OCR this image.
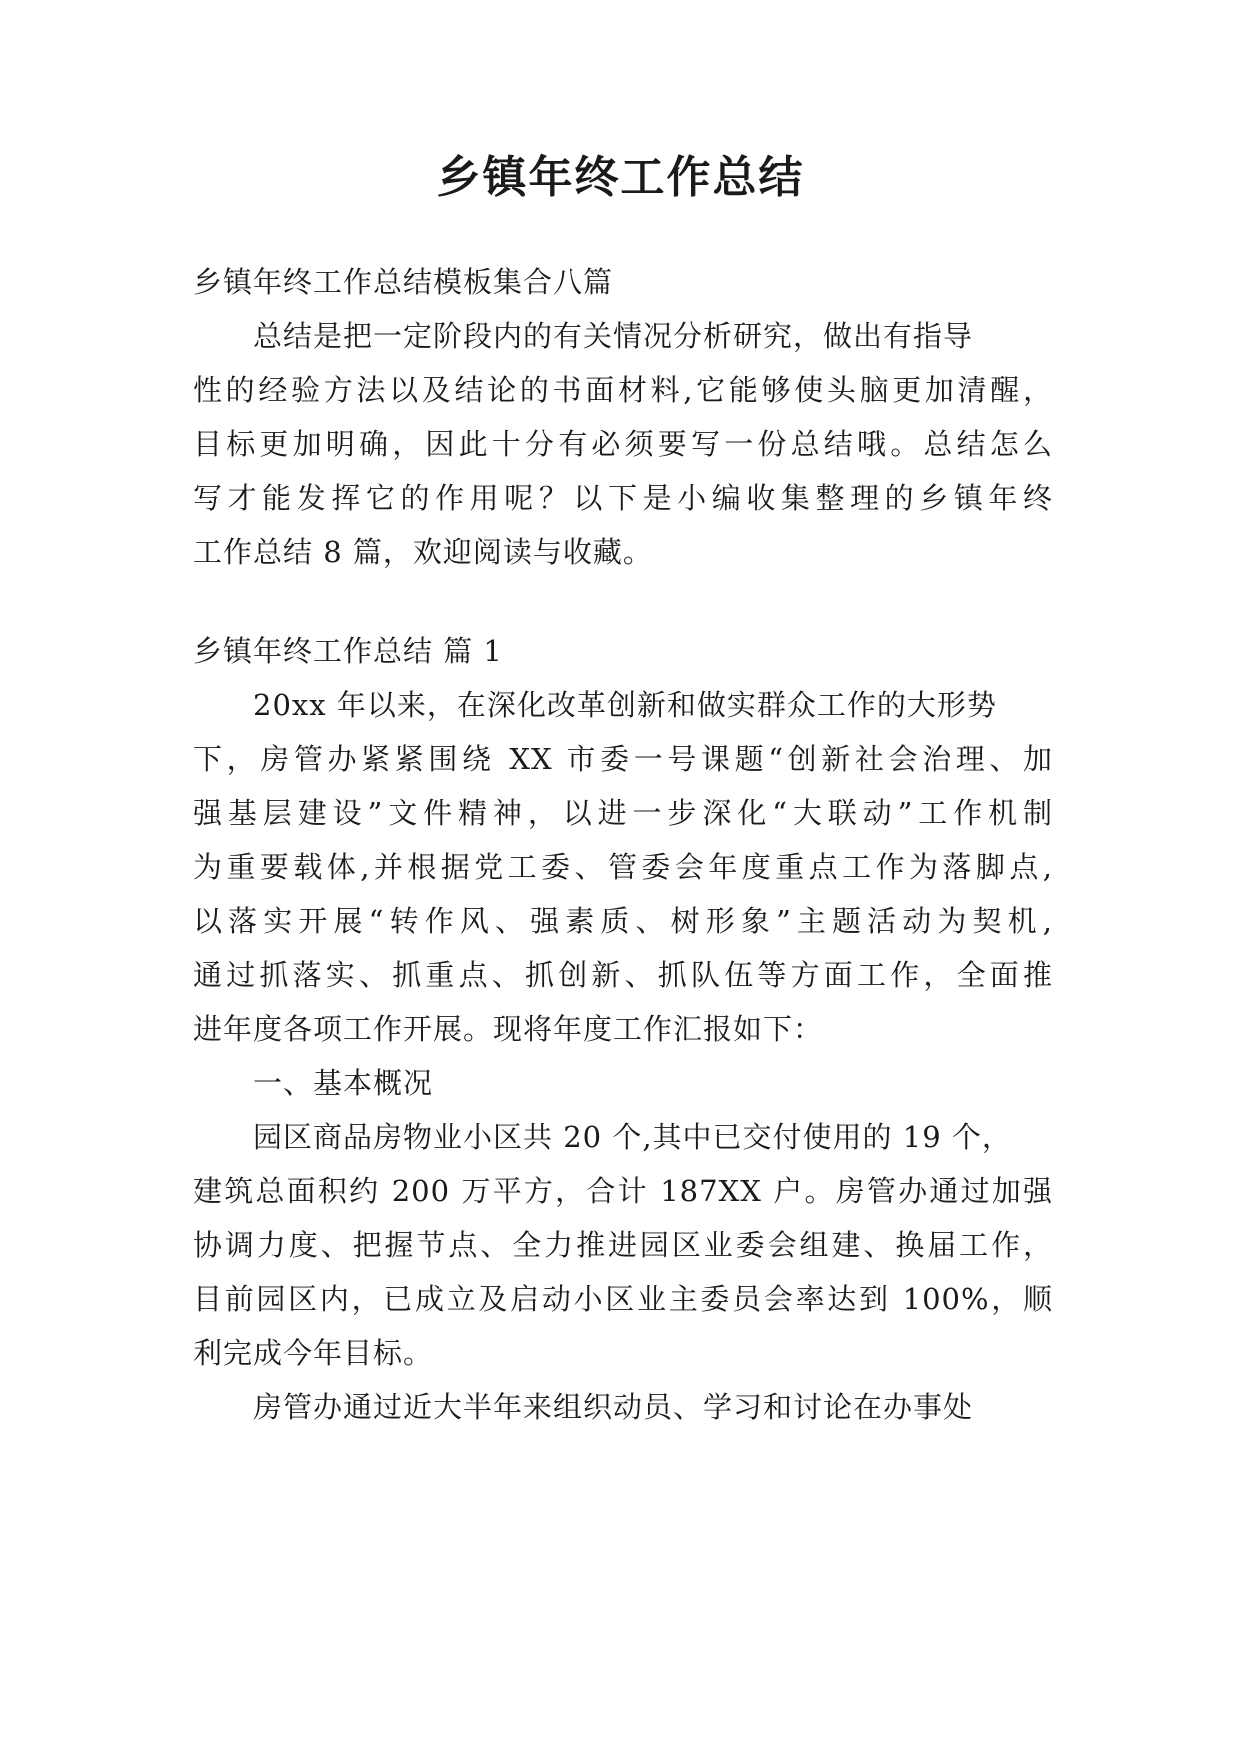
乡镇年终工作总结
乡镇年终工作总结模板集合八篇
总结是把一定阶段内的有关情况分析研究，做出有指导
性的经验方法以及结论的书面材料,它能够使头脑更加清醒，
目标更加明确，因此十分有必须要写一份总结哦。总结怎么
写才能发挥它的作用呢？以下是小编收集整理的乡镇年终
工作总结 8 篇，欢迎阅读与收藏。
乡镇年终工作总结 篇 1
20xx 年以来，在深化改革创新和做实群众工作的大形势
下，房管办紧紧围绕 XX 市委一号课题“创新社会治理、加
强基层建设”文件精神，以进一步深化“大联动”工作机制
为重要载体,并根据党工委、管委会年度重点工作为落脚点,
以落实开展“转作风、强素质、树形象”主题活动为契机,
通过抓落实、抓重点、抓创新、抓队伍等方面工作，全面推
进年度各项工作开展。现将年度工作汇报如下：
一、基本概况
园区商品房物业小区共 20 个,其中已交付使用的 19 个，
建筑总面积约 200 万平方，合计 187XX 户。房管办通过加强
协调力度、把握节点、全力推进园区业委会组建、换届工作，
目前园区内，已成立及启动小区业主委员会率达到 100%，顺
利完成今年目标。
房管办通过近大半年来组织动员、学习和讨论在办事处
